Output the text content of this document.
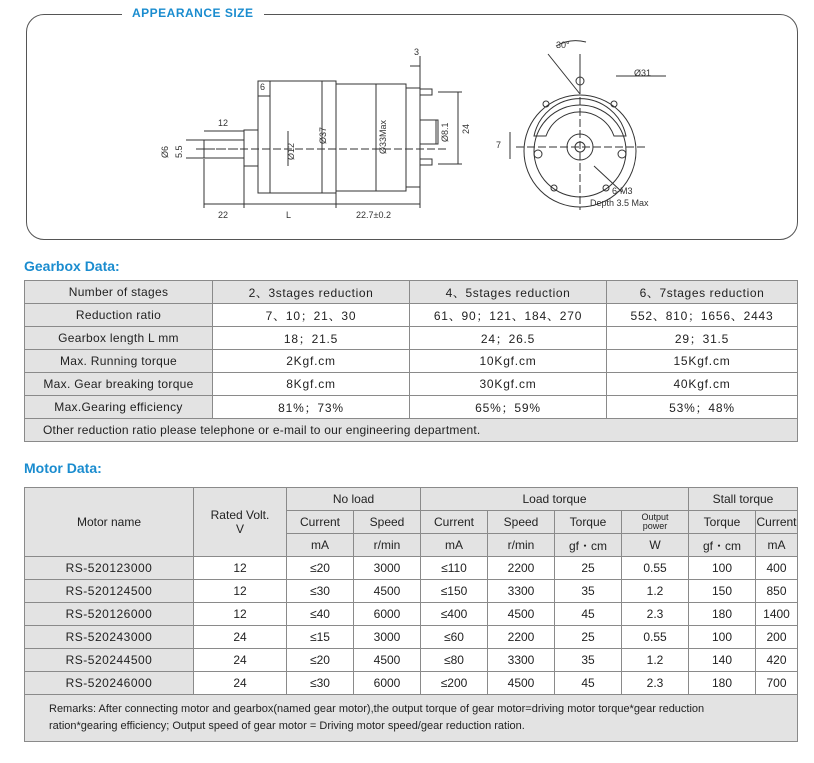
APPEARANCE SIZE
3
6
12
Ø37	Ø33Max	Ø8.1 24
Ø12
Ø6 5.5
22	L	22.7±0.2
30°
Ø31
7
6-M3
Depth 3.5 Max
Gearbox Data:
Number of stages	2、3stages reduction	4、5stages reduction	6、7stages reduction
Reduction ratio	7、10；21、30	61、90；121、184、270	552、810；1656、2443
Gearbox length L mm	18；21.5	24；26.5	29；31.5
Max. Running torque	2Kgf.cm	10Kgf.cm	15Kgf.cm
Max. Gear breaking torque	8Kgf.cm	30Kgf.cm	40Kgf.cm
Max.Gearing efficiency	81%；73%	65%；59%	53%；48%
Other reduction ratio please telephone or e-mail to our engineering department.			
Motor Data:
Motor name	Rated Volt. V	No load		Load torque				Stall torque	
		Current	Speed	Current	Speed	Torque	Output power	Torque	Current
		mA	r/min	mA	r/min	gf・cm	W	gf・cm	mA
RS-520123000	12	≤20	3000	≤110	2200	25	0.55	100	400
RS-520124500	12	≤30	4500	≤150	3300	35	1.2	150	850
RS-520126000	12	≤40	6000	≤400	4500	45	2.3	180	1400
RS-520243000	24	≤15	3000	≤60	2200	25	0.55	100	200
RS-520244500	24	≤20	4500	≤80	3300	35	1.2	140	420
RS-520246000	24	≤30	6000	≤200	4500	45	2.3	180	700
Remarks: After connecting motor and gearbox(named gear motor),the output torque of gear motor=driving motor torque*gear reduction ration*gearing efficiency; Output speed of gear motor = Driving motor speed/gear reduction ration.									
